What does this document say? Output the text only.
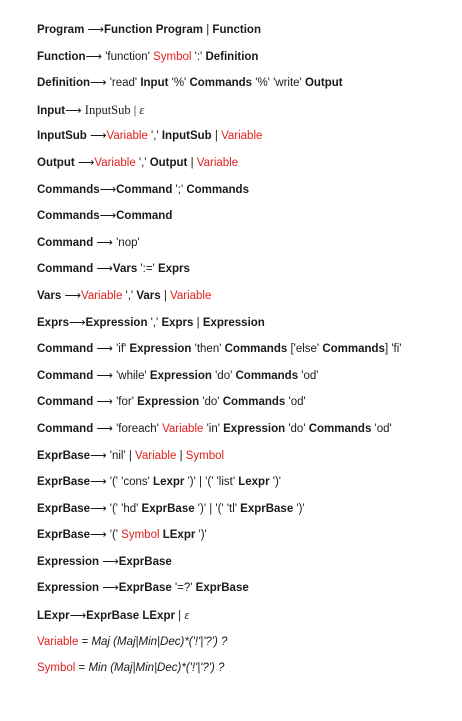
Program ⟶Function Program | Function
Function⟶ 'function' Symbol ':' Definition
Definition⟶ 'read' Input '%' Commands '%' 'write' Output
Input⟶ InputSub | ε
InputSub ⟶Variable ',' InputSub | Variable
Output ⟶Variable ',' Output | Variable
Commands⟶Command ';' Commands
Commands⟶Command
Command ⟶ 'nop'
Command ⟶Vars ':=' Exprs
Vars ⟶Variable ',' Vars | Variable
Exprs⟶Expression ',' Exprs | Expression
Command ⟶ 'if' Expression 'then' Commands ['else' Commands] 'fi'
Command ⟶ 'while' Expression 'do' Commands 'od'
Command ⟶ 'for' Expression 'do' Commands 'od'
Command ⟶ 'foreach' Variable 'in' Expression 'do' Commands 'od'
ExprBase⟶ 'nil' | Variable | Symbol
ExprBase⟶ '(' 'cons' Lexpr ')' | '(' 'list' Lexpr ')'
ExprBase⟶ '(' 'hd' ExprBase ')' | '(' 'tl' ExprBase ')'
ExprBase⟶ '(' Symbol LExpr ')'
Expression ⟶ExprBase
Expression ⟶ExprBase '=?' ExprBase
LExpr⟶ExprBase LExpr | ε
Variable = Maj (Maj|Min|Dec)*('!'|'?') ?
Symbol = Min (Maj|Min|Dec)*('!'|'?') ?
